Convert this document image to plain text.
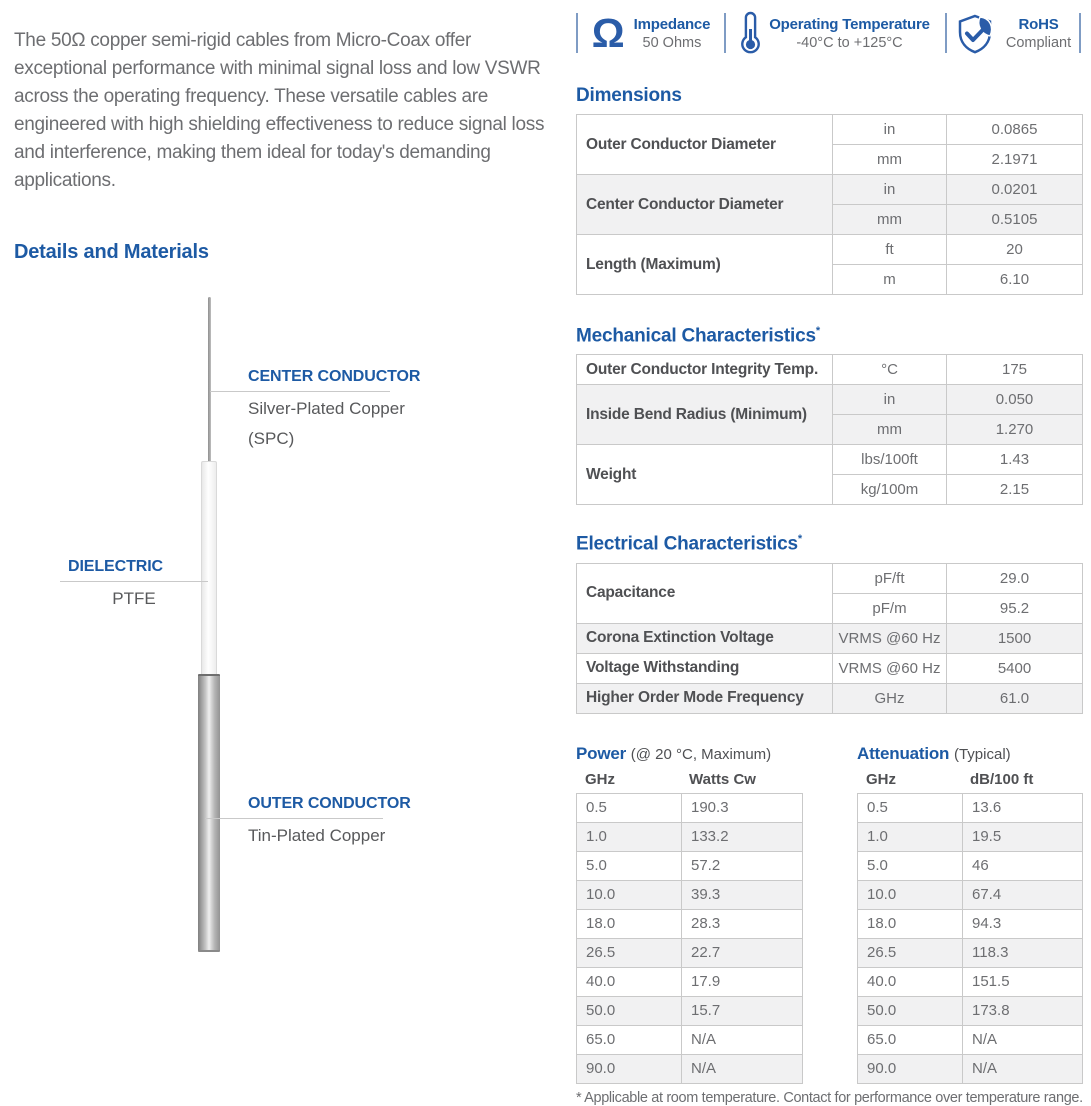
The 50Ω copper semi-rigid cables from Micro-Coax offer exceptional performance with minimal signal loss and low VSWR across the operating frequency. These versatile cables are engineered with high shielding effectiveness to reduce signal loss and interference, making them ideal for today's demanding applications.

Details and Materials
CENTER CONDUCTOR
Silver-Plated Copper
(SPC)
DIELECTRIC
PTFE
OUTER CONDUCTOR
Tin-Plated Copper
Ω Impedance
50 Ohms
Operating Temperature
-40°C to +125°C
RoHS
Compliant
Dimensions
Outer Conductor Diameter	in	0.0865
	mm	2.1971
Center Conductor Diameter	in	0.0201
	mm	0.5105
Length (Maximum)	ft	20
	m	6.10
Mechanical Characteristics*
Outer Conductor Integrity Temp.	°C	175
Inside Bend Radius (Minimum)	in	0.050
	mm	1.270
Weight	lbs/100ft	1.43
	kg/100m	2.15
Electrical Characteristics*
Capacitance	pF/ft	29.0
	pF/m	95.2
Corona Extinction Voltage	VRMS @60 Hz	1500
Voltage Withstanding	VRMS @60 Hz	5400
Higher Order Mode Frequency	GHz	61.0
Power (@ 20 °C, Maximum)
GHz	Watts Cw
0.5	190.3
1.0	133.2
5.0	57.2
10.0	39.3
18.0	28.3
26.5	22.7
40.0	17.9
50.0	15.7
65.0	N/A
90.0	N/A
Attenuation (Typical)
GHz	dB/100 ft
0.5	13.6
1.0	19.5
5.0	46
10.0	67.4
18.0	94.3
26.5	118.3
40.0	151.5
50.0	173.8
65.0	N/A
90.0	N/A
* Applicable at room temperature. Contact for performance over temperature range.
